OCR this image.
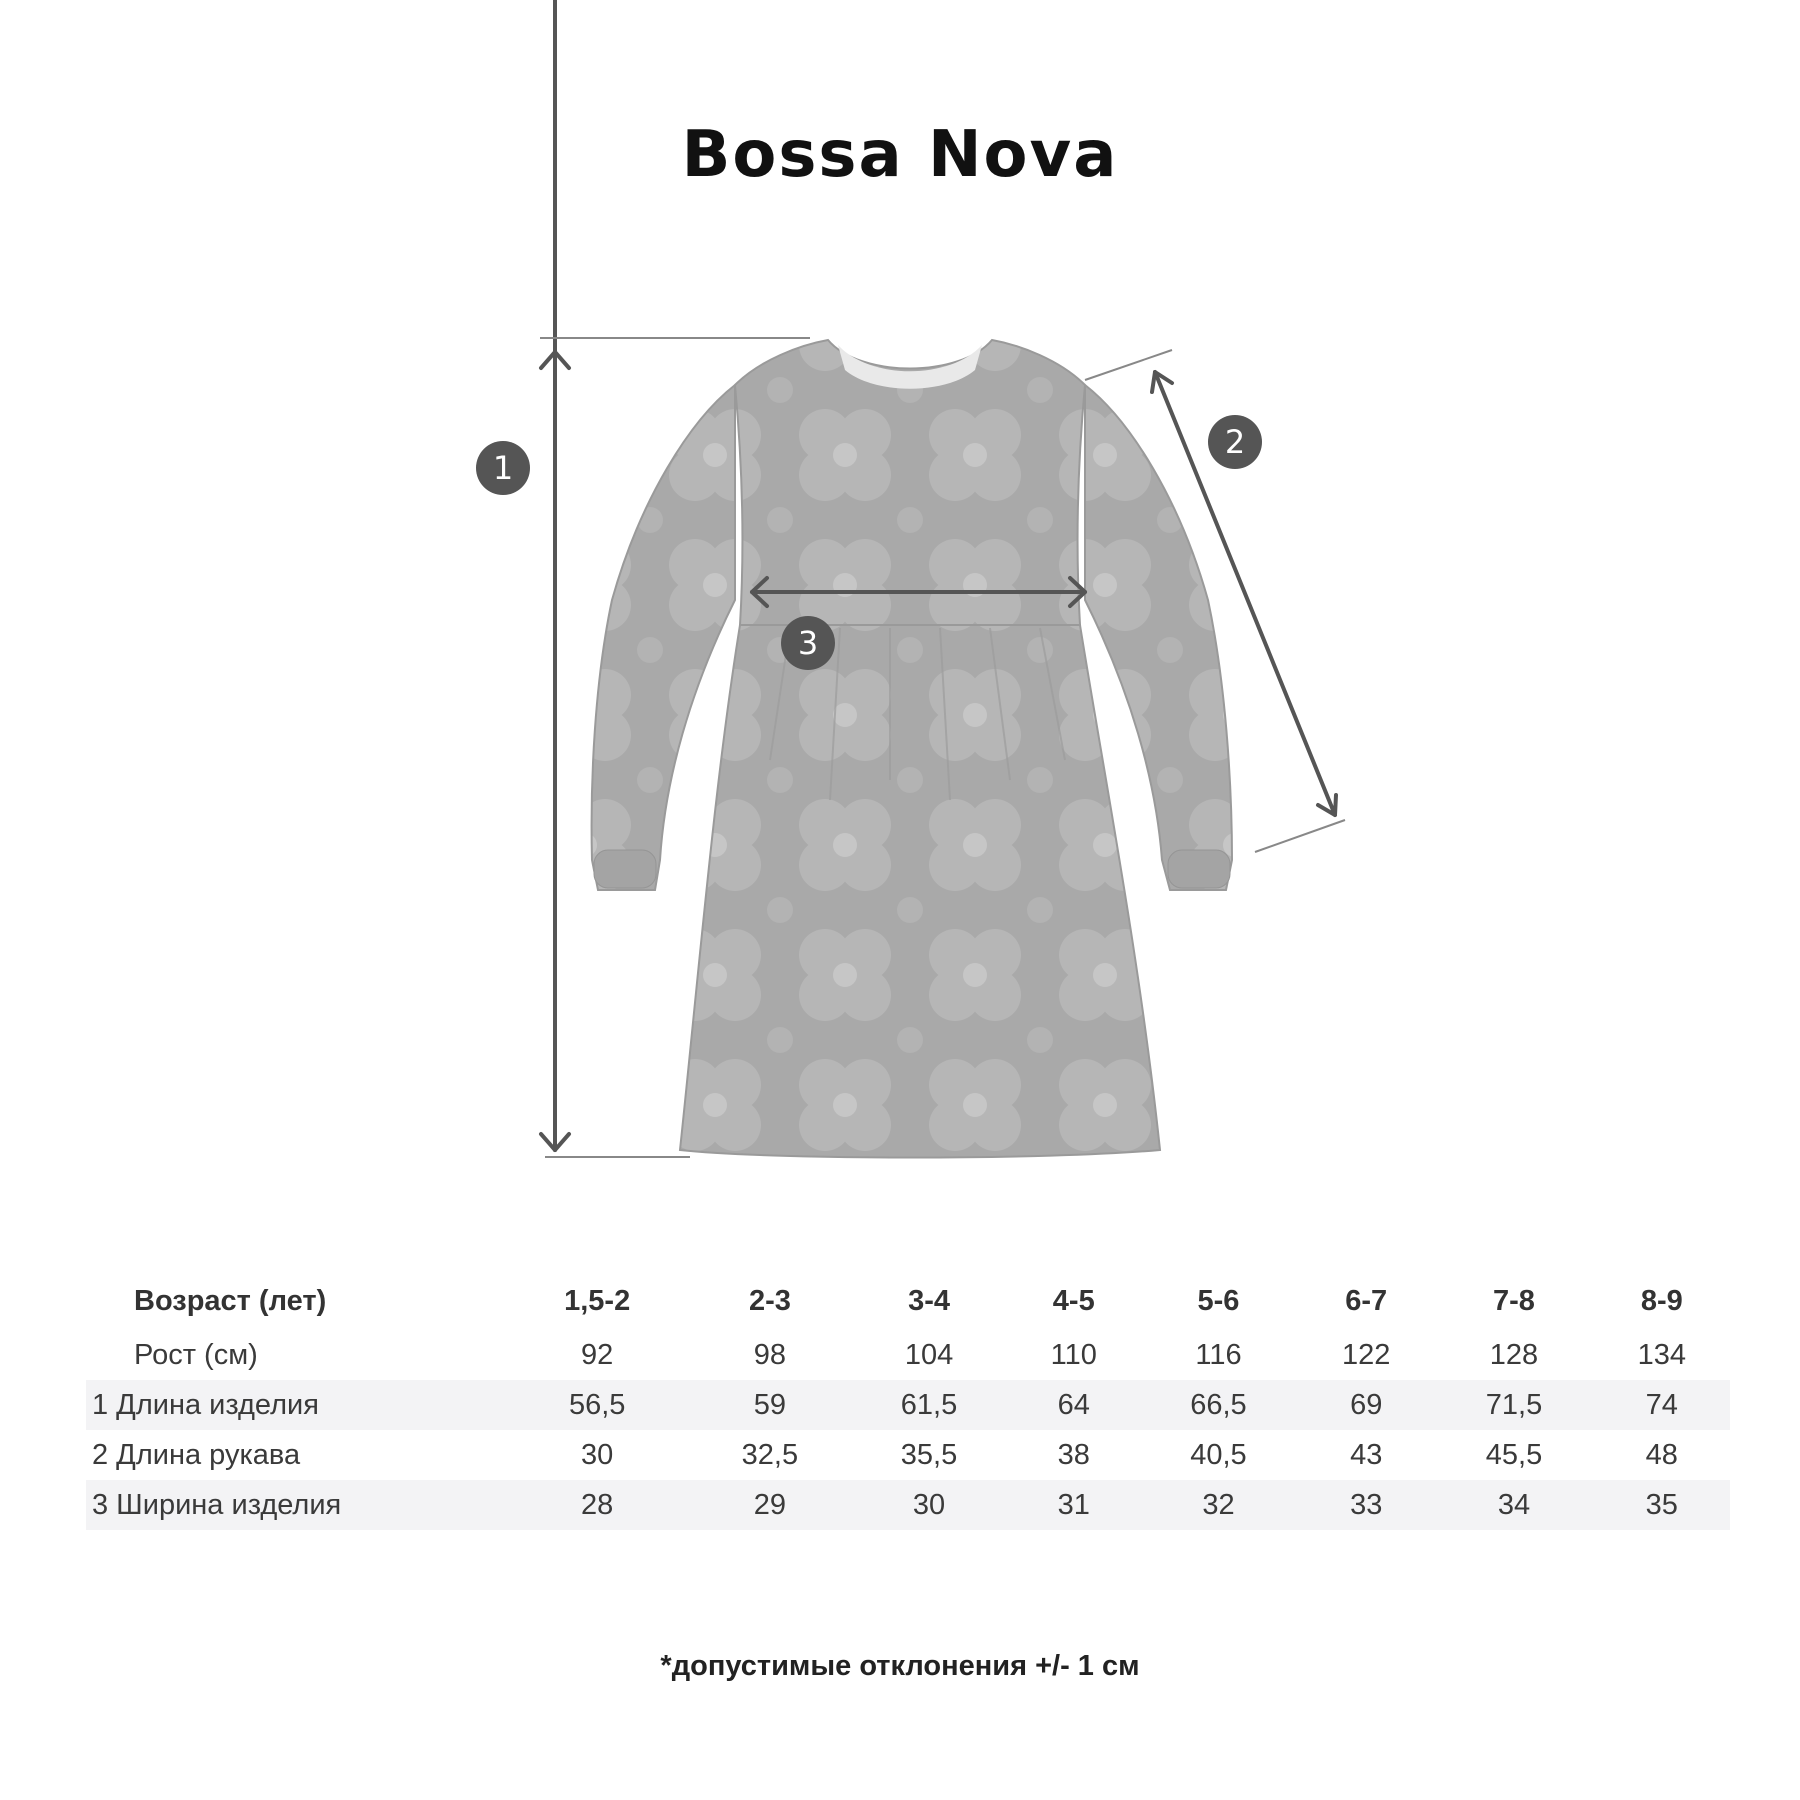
Bossa Nova
1
2
3
Возраст (лет)	1,5-2	2-3	3-4	4-5	5-6	6-7	7-8	8-9
Рост (см)	92	98	104	110	116	122	128	134
1 Длина изделия	56,5	59	61,5	64	66,5	69	71,5	74
2 Длина рукава	30	32,5	35,5	38	40,5	43	45,5	48
3 Ширина изделия	28	29	30	31	32	33	34	35
*допустимые отклонения +/- 1 см
